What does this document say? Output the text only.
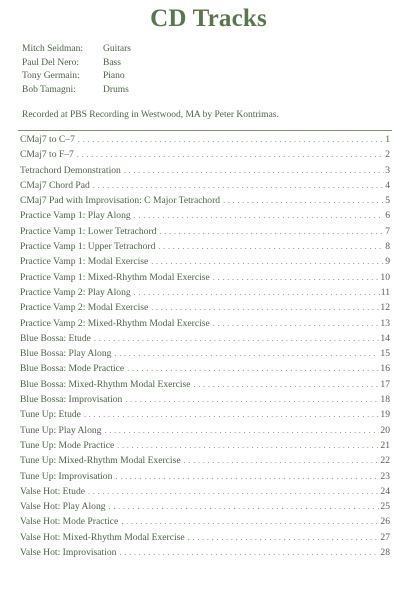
CD Tracks
Mitch Seidman:	Guitars
Paul Del Nero:	Bass
Tony Germain:	Piano
Bob Tamagni:	Drums
Recorded at PBS Recording in Westwood, MA by Peter Kontrimas.
CMaj7 to C–7 . . .	1
CMaj7 to F–7 . . .	2
Tetrachord Demonstration . . .	3
CMaj7 Chord Pad . . .	4
CMaj7 Pad with Improvisation: C Major Tetrachord . . .	5
Practice Vamp 1: Play Along . . .	6
Practice Vamp 1: Lower Tetrachord . . .	7
Practice Vamp 1: Upper Tetrachord . . .	8
Practice Vamp 1: Modal Exercise . . .	9
Practice Vamp 1: Mixed-Rhythm Modal Exercise . . .	10
Practice Vamp 2: Play Along . . .	11
Practice Vamp 2: Modal Exercise . . .	12
Practice Vamp 2: Mixed-Rhythm Modal Exercise . . .	13
Blue Bossa: Etude . . .	14
Blue Bossa: Play Along . . .	15
Blue Bossa: Mode Practice . . .	16
Blue Bossa: Mixed-Rhythm Modal Exercise . . .	17
Blue Bossa: Improvisation . . .	18
Tune Up: Etude . . .	19
Tune Up: Play Along . . .	20
Tune Up: Mode Practice . . .	21
Tune Up: Mixed-Rhythm Modal Exercise . . .	22
Tune Up: Improvisation . . .	23
Valse Hot: Etude . . .	24
Valse Hot: Play Along . . .	25
Valse Hot: Mode Practice . . .	26
Valse Hot: Mixed-Rhythm Modal Exercise . . .	27
Valse Hot: Improvisation . . .	28
